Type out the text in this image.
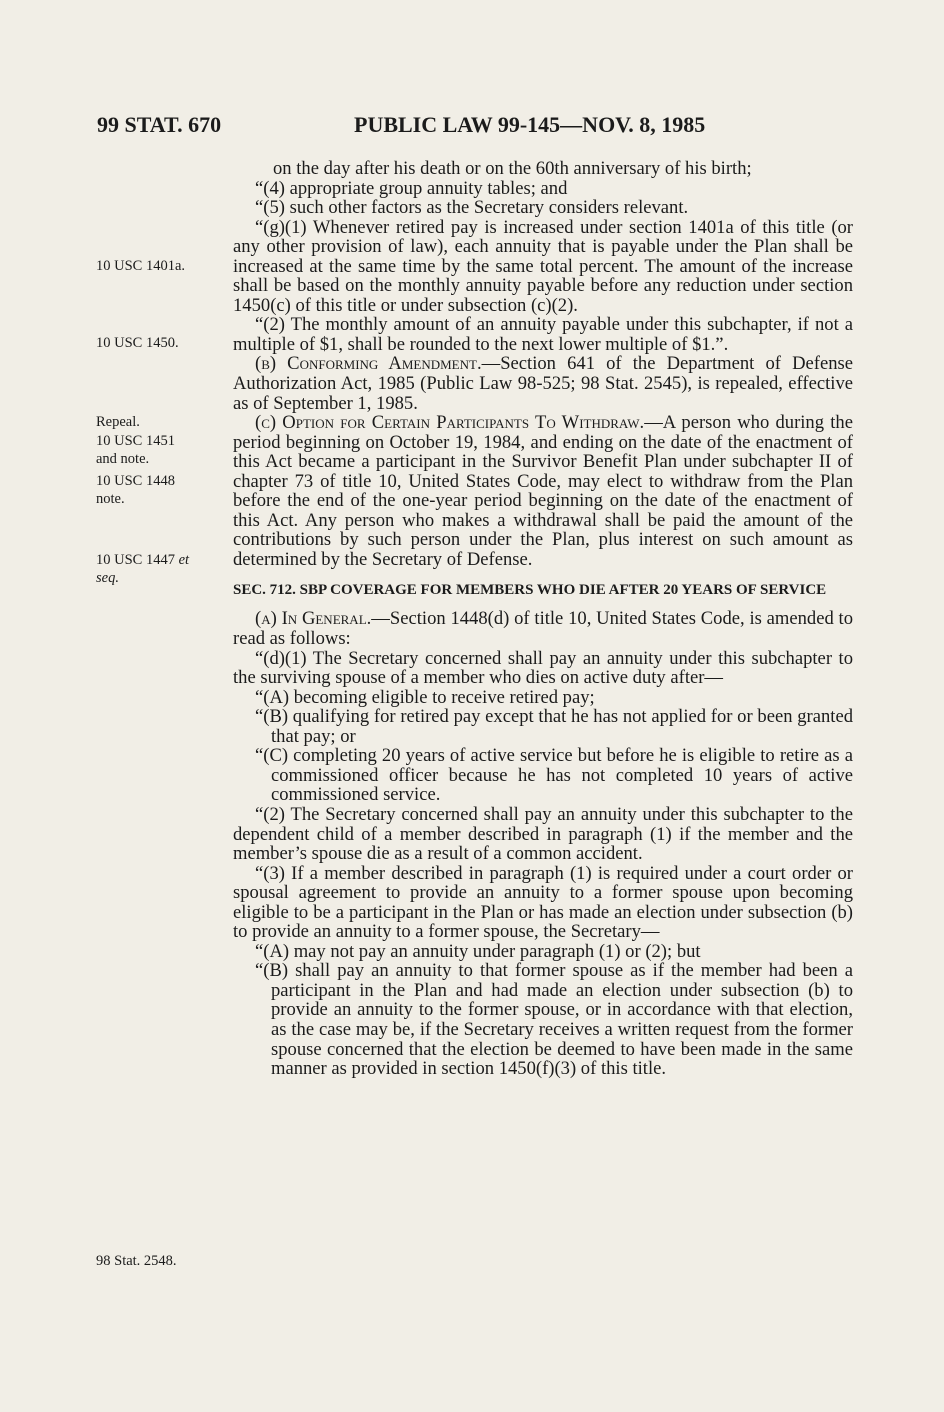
99 STAT. 670	PUBLIC LAW 99-145—NOV. 8, 1985
10 USC 1401a.
10 USC 1450.
Repeal.
10 USC 1451
and note.
10 USC 1448
note.
10 USC 1447 et
seq.
98 Stat. 2548.

on the day after his death or on the 60th anniversary of his birth;

“(4) appropriate group annuity tables; and

“(5) such other factors as the Secretary considers relevant.

“(g)(1) Whenever retired pay is increased under section 1401a of this title (or any other provision of law), each annuity that is payable under the Plan shall be increased at the same time by the same total percent. The amount of the increase shall be based on the monthly annuity payable before any reduction under section 1450(c) of this title or under subsection (c)(2).

“(2) The monthly amount of an annuity payable under this subchapter, if not a multiple of $1, shall be rounded to the next lower multiple of $1.”.

(b) Conforming Amendment.—Section 641 of the Department of Defense Authorization Act, 1985 (Public Law 98-525; 98 Stat. 2545), is repealed, effective as of September 1, 1985.

(c) Option for Certain Participants To Withdraw.—A person who during the period beginning on October 19, 1984, and ending on the date of the enactment of this Act became a participant in the Survivor Benefit Plan under subchapter II of chapter 73 of title 10, United States Code, may elect to withdraw from the Plan before the end of the one-year period beginning on the date of the enactment of this Act. Any person who makes a withdrawal shall be paid the amount of the contributions by such person under the Plan, plus interest on such amount as determined by the Secretary of Defense.

SEC. 712. SBP COVERAGE FOR MEMBERS WHO DIE AFTER 20 YEARS OF SERVICE

(a) In General.—Section 1448(d) of title 10, United States Code, is amended to read as follows:

“(d)(1) The Secretary concerned shall pay an annuity under this subchapter to the surviving spouse of a member who dies on active duty after—

“(A) becoming eligible to receive retired pay;

“(B) qualifying for retired pay except that he has not applied for or been granted that pay; or

“(C) completing 20 years of active service but before he is eligible to retire as a commissioned officer because he has not completed 10 years of active commissioned service.

“(2) The Secretary concerned shall pay an annuity under this subchapter to the dependent child of a member described in paragraph (1) if the member and the member’s spouse die as a result of a common accident.

“(3) If a member described in paragraph (1) is required under a court order or spousal agreement to provide an annuity to a former spouse upon becoming eligible to be a participant in the Plan or has made an election under subsection (b) to provide an annuity to a former spouse, the Secretary—

“(A) may not pay an annuity under paragraph (1) or (2); but

“(B) shall pay an annuity to that former spouse as if the member had been a participant in the Plan and had made an election under subsection (b) to provide an annuity to the former spouse, or in accordance with that election, as the case may be, if the Secretary receives a written request from the former spouse concerned that the election be deemed to have been made in the same manner as provided in section 1450(f)(3) of this title.
